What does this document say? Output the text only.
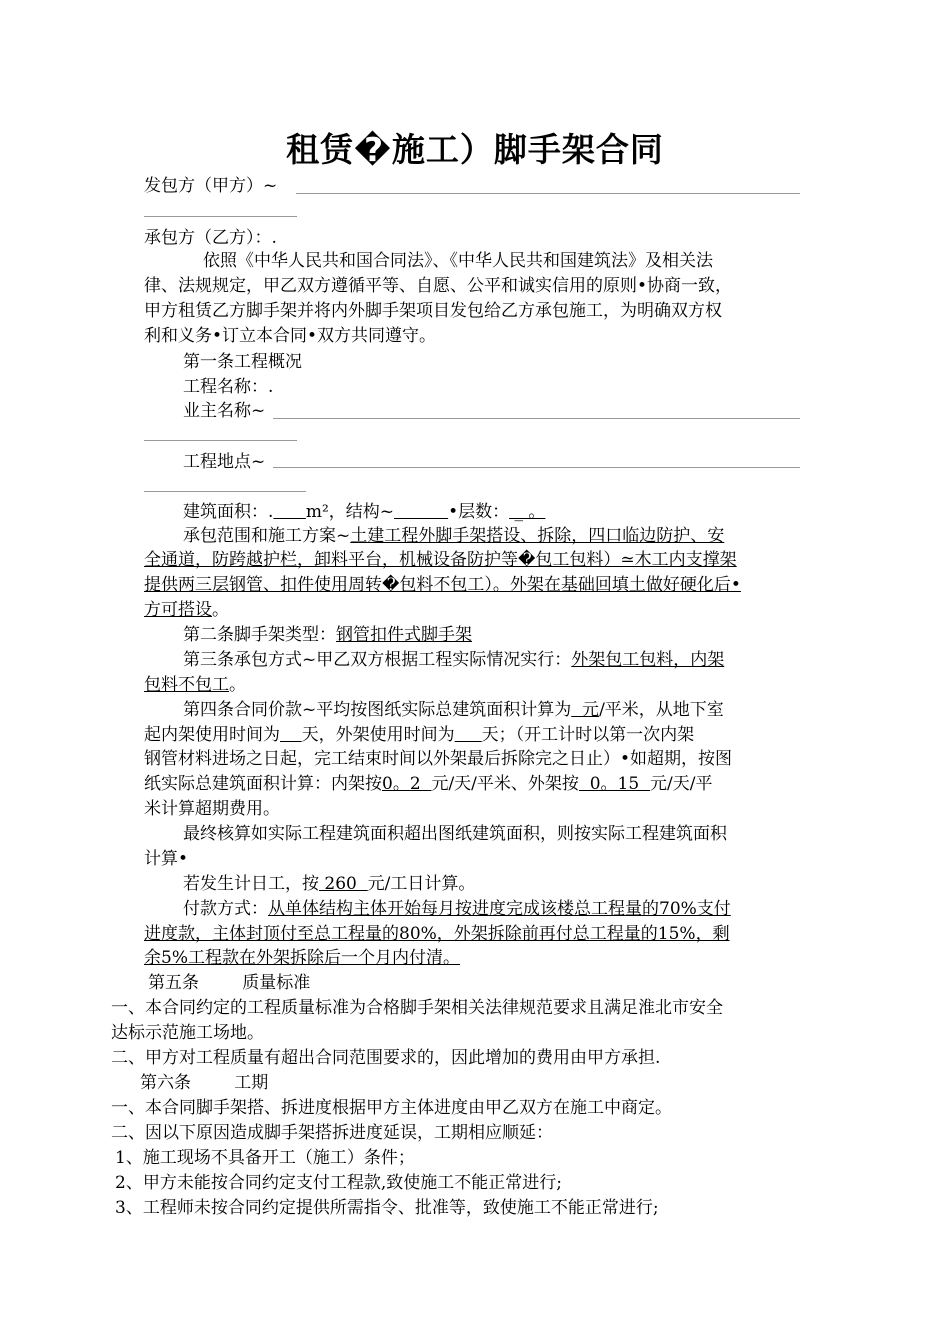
租赁�施工）脚手架合同
发包方（甲方）~
承包方（乙方）：.
依照《中华人民共和国合同法》、《中华人民共和国建筑法》及相关法
律、法规规定，甲乙双方遵循平等、自愿、公平和诚实信用的原则•协商一致，
甲方租赁乙方脚手架并将内外脚手架项目发包给乙方承包施工，为明确双方权
利和义务•订立本合同•双方共同遵守。
第一条工程概况
工程名称：.
业主名称~
工程地点~
建筑面积：. m²，结构~	•层数： _ 。
承包范围和施工方案~土建工程外脚手架搭设、拆除，四口临边防护、安
全通道，防跨越护栏，卸料平台，机械设备防护等�包工包料）≃木工内支撑架
提供两三层钢管、扣件使用周转�包料不包工）。外架在基础回填土做好硬化后•
方可搭设。
第二条脚手架类型：钢管扣件式脚手架
第三条承包方式~甲乙双方根据工程实际情况实行：外架包工包料，内架
包料不包工。
第四条合同价款~平均按图纸实际总建筑面积计算为  元/平米，从地下室
起内架使用时间为 天，外架使用时间为 天；（开工计时以第一次内架
钢管材料进场之日起，完工结束时间以外架最后拆除完之日止）•如超期，按图
纸实际总建筑面积计算：内架按0。2  元/天/平米、外架按  0。15  元/天/平
米计算超期费用。
最终核算如实际工程建筑面积超出图纸建筑面积，则按实际工程建筑面积
计算•
若发生计日工，按 260  元/工日计算。
付款方式：从单体结构主体开始每月按进度完成该楼总工程量的70%支付
进度款，主体封顶付至总工程量的80%，外架拆除前再付总工程量的15%，剩
余5%工程款在外架拆除后一个月内付清。
第五条        质量标准
一、本合同约定的工程质量标准为合格脚手架相关法律规范要求且满足淮北市安全
达标示范施工场地。
二、甲方对工程质量有超出合同范围要求的，因此增加的费用由甲方承担.
第六条        工期
一、本合同脚手架搭、拆进度根据甲方主体进度由甲乙双方在施工中商定。
二、因以下原因造成脚手架搭拆进度延误，工期相应顺延：
1、施工现场不具备开工（施工）条件；
2、甲方未能按合同约定支付工程款,致使施工不能正常进行;
3、工程师未按合同约定提供所需指令、批准等，致使施工不能正常进行;
